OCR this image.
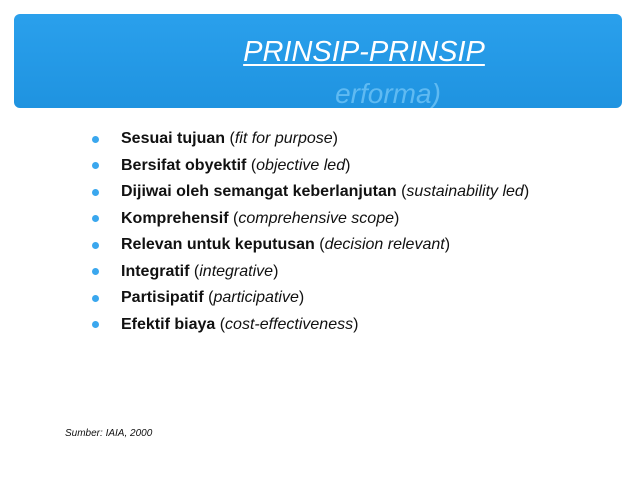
PRINSIP-PRINSIP
erforma)
Sesuai tujuan ( fit for purpose )
Bersifat obyektif ( objective led )
Dijiwai oleh semangat keberlanjutan ( sustainability led )
Komprehensif ( comprehensive scope )
Relevan untuk keputusan ( decision relevant )
Integratif ( integrative )
Partisipatif ( participative )
Efektif biaya ( cost-effectiveness )
Sumber: IAIA, 2000
